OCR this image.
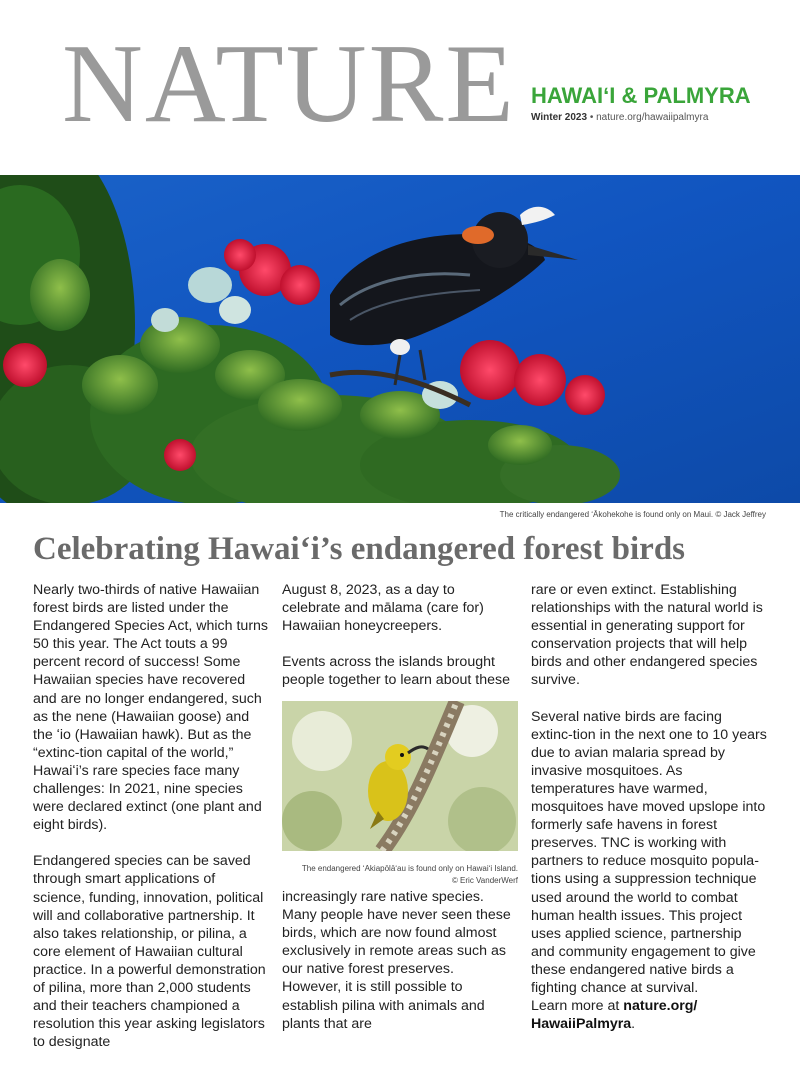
NATURE HAWAIʻI & PALMYRA
Winter 2023 • nature.org/hawaiipalmyra
The critically endangered ʻĀkohekohe is found only on Maui. © Jack Jeffrey
Celebrating Hawaiʻi’s endangered forest birds

Nearly two-thirds of native Hawaiian forest birds are listed under the Endangered Species Act, which turns 50 this year. The Act touts a 99 percent record of success! Some Hawaiian species have recovered and are no longer endangered, such as the nene (Hawaiian goose) and the ʻio (Hawaiian hawk). But as the “extinc-tion capital of the world,” Hawaiʻi’s rare species face many challenges: In 2021, nine species were declared extinct (one plant and eight birds).

Endangered species can be saved through smart applications of science, funding, innovation, political will and collaborative partnership. It also takes relationship, or pilina, a core element of Hawaiian cultural practice. In a powerful demonstration of pilina, more than 2,000 students and their teachers championed a resolution this year asking legislators to designate

August 8, 2023, as a day to celebrate and mālama (care for) Hawaiian honeycreepers.

Events across the islands brought people together to learn about these

The endangered ʻAkiapōlāʻau is found only on Hawaiʻi Island.
© Eric VanderWerf

increasingly rare native species. Many people have never seen these birds, which are now found almost exclusively in remote areas such as our native forest preserves. However, it is still possible to establish pilina with animals and plants that are

rare or even extinct. Establishing relationships with the natural world is essential in generating support for conservation projects that will help birds and other endangered species survive.

Several native birds are facing extinc-tion in the next one to 10 years due to avian malaria spread by invasive mosquitoes. As temperatures have warmed, mosquitoes have moved upslope into formerly safe havens in forest preserves. TNC is working with partners to reduce mosquito popula-tions using a suppression technique used around the world to combat human health issues. This project uses applied science, partnership and community engagement to give these endangered native birds a fighting chance at survival.

Learn more at nature.org/ HawaiiPalmyra.
